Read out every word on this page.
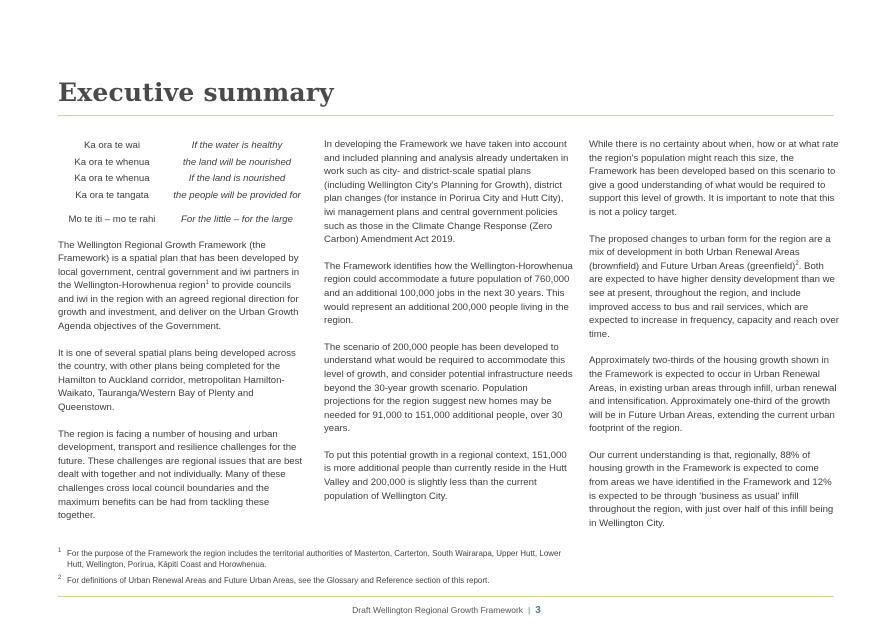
Executive summary
Ka ora te wai	If the water is healthy
Ka ora te whenua	the land will be nourished
Ka ora te whenua	If the land is nourished
Ka ora te tangata	the people will be provided for
Mo te iti – mo te rahi	For the little – for the large

The Wellington Regional Growth Framework (the Framework) is a spatial plan that has been developed by local government, central government and iwi partners in the Wellington-Horowhenua region$^1$ to provide councils and iwi in the region with an agreed regional direction for growth and investment, and deliver on the Urban Growth Agenda objectives of the Government.

It is one of several spatial plans being developed across the country, with other plans being completed for the Hamilton to Auckland corridor, metropolitan Hamilton-Waikato, Tauranga/Western Bay of Plenty and Queenstown.

The region is facing a number of housing and urban development, transport and resilience challenges for the future. These challenges are regional issues that are best dealt with together and not individually. Many of these challenges cross local council boundaries and the maximum benefits can be had from tackling these together.

In developing the Framework we have taken into account and included planning and analysis already undertaken in work such as city- and district-scale spatial plans (including Wellington City's Planning for Growth), district plan changes (for instance in Porirua City and Hutt City), iwi management plans and central government policies such as those in the Climate Change Response (Zero Carbon) Amendment Act 2019.

The Framework identifies how the Wellington-Horowhenua region could accommodate a future population of 760,000 and an additional 100,000 jobs in the next 30 years. This would represent an additional 200,000 people living in the region.

The scenario of 200,000 people has been developed to understand what would be required to accommodate this level of growth, and consider potential infrastructure needs beyond the 30-year growth scenario. Population projections for the region suggest new homes may be needed for 91,000 to 151,000 additional people, over 30 years.

To put this potential growth in a regional context, 151,000 is more additional people than currently reside in the Hutt Valley and 200,000 is slightly less than the current population of Wellington City.

While there is no certainty about when, how or at what rate the region's population might reach this size, the Framework has been developed based on this scenario to give a good understanding of what would be required to support this level of growth. It is important to note that this is not a policy target.

The proposed changes to urban form for the region are a mix of development in both Urban Renewal Areas (brownfield) and Future Urban Areas (greenfield)$^2$. Both are expected to have higher density development than we see at present, throughout the region, and include improved access to bus and rail services, which are expected to increase in frequency, capacity and reach over time.

Approximately two-thirds of the housing growth shown in the Framework is expected to occur in Urban Renewal Areas, in existing urban areas through infill, urban renewal and intensification. Approximately one-third of the growth will be in Future Urban Areas, extending the current urban footprint of the region.

Our current understanding is that, regionally, 88% of housing growth in the Framework is expected to come from areas we have identified in the Framework and 12% is expected to be through 'business as usual' infill throughout the region, with just over half of this infill being in Wellington City.

1 For the purpose of the Framework the region includes the territorial authorities of Masterton, Carterton, South Wairarapa, Upper Hutt, Lower Hutt, Wellington, Porirua, Kāpiti Coast and Horowhenua.
2 For definitions of Urban Renewal Areas and Future Urban Areas, see the Glossary and Reference section of this report.
Draft Wellington Regional Growth Framework | 3
